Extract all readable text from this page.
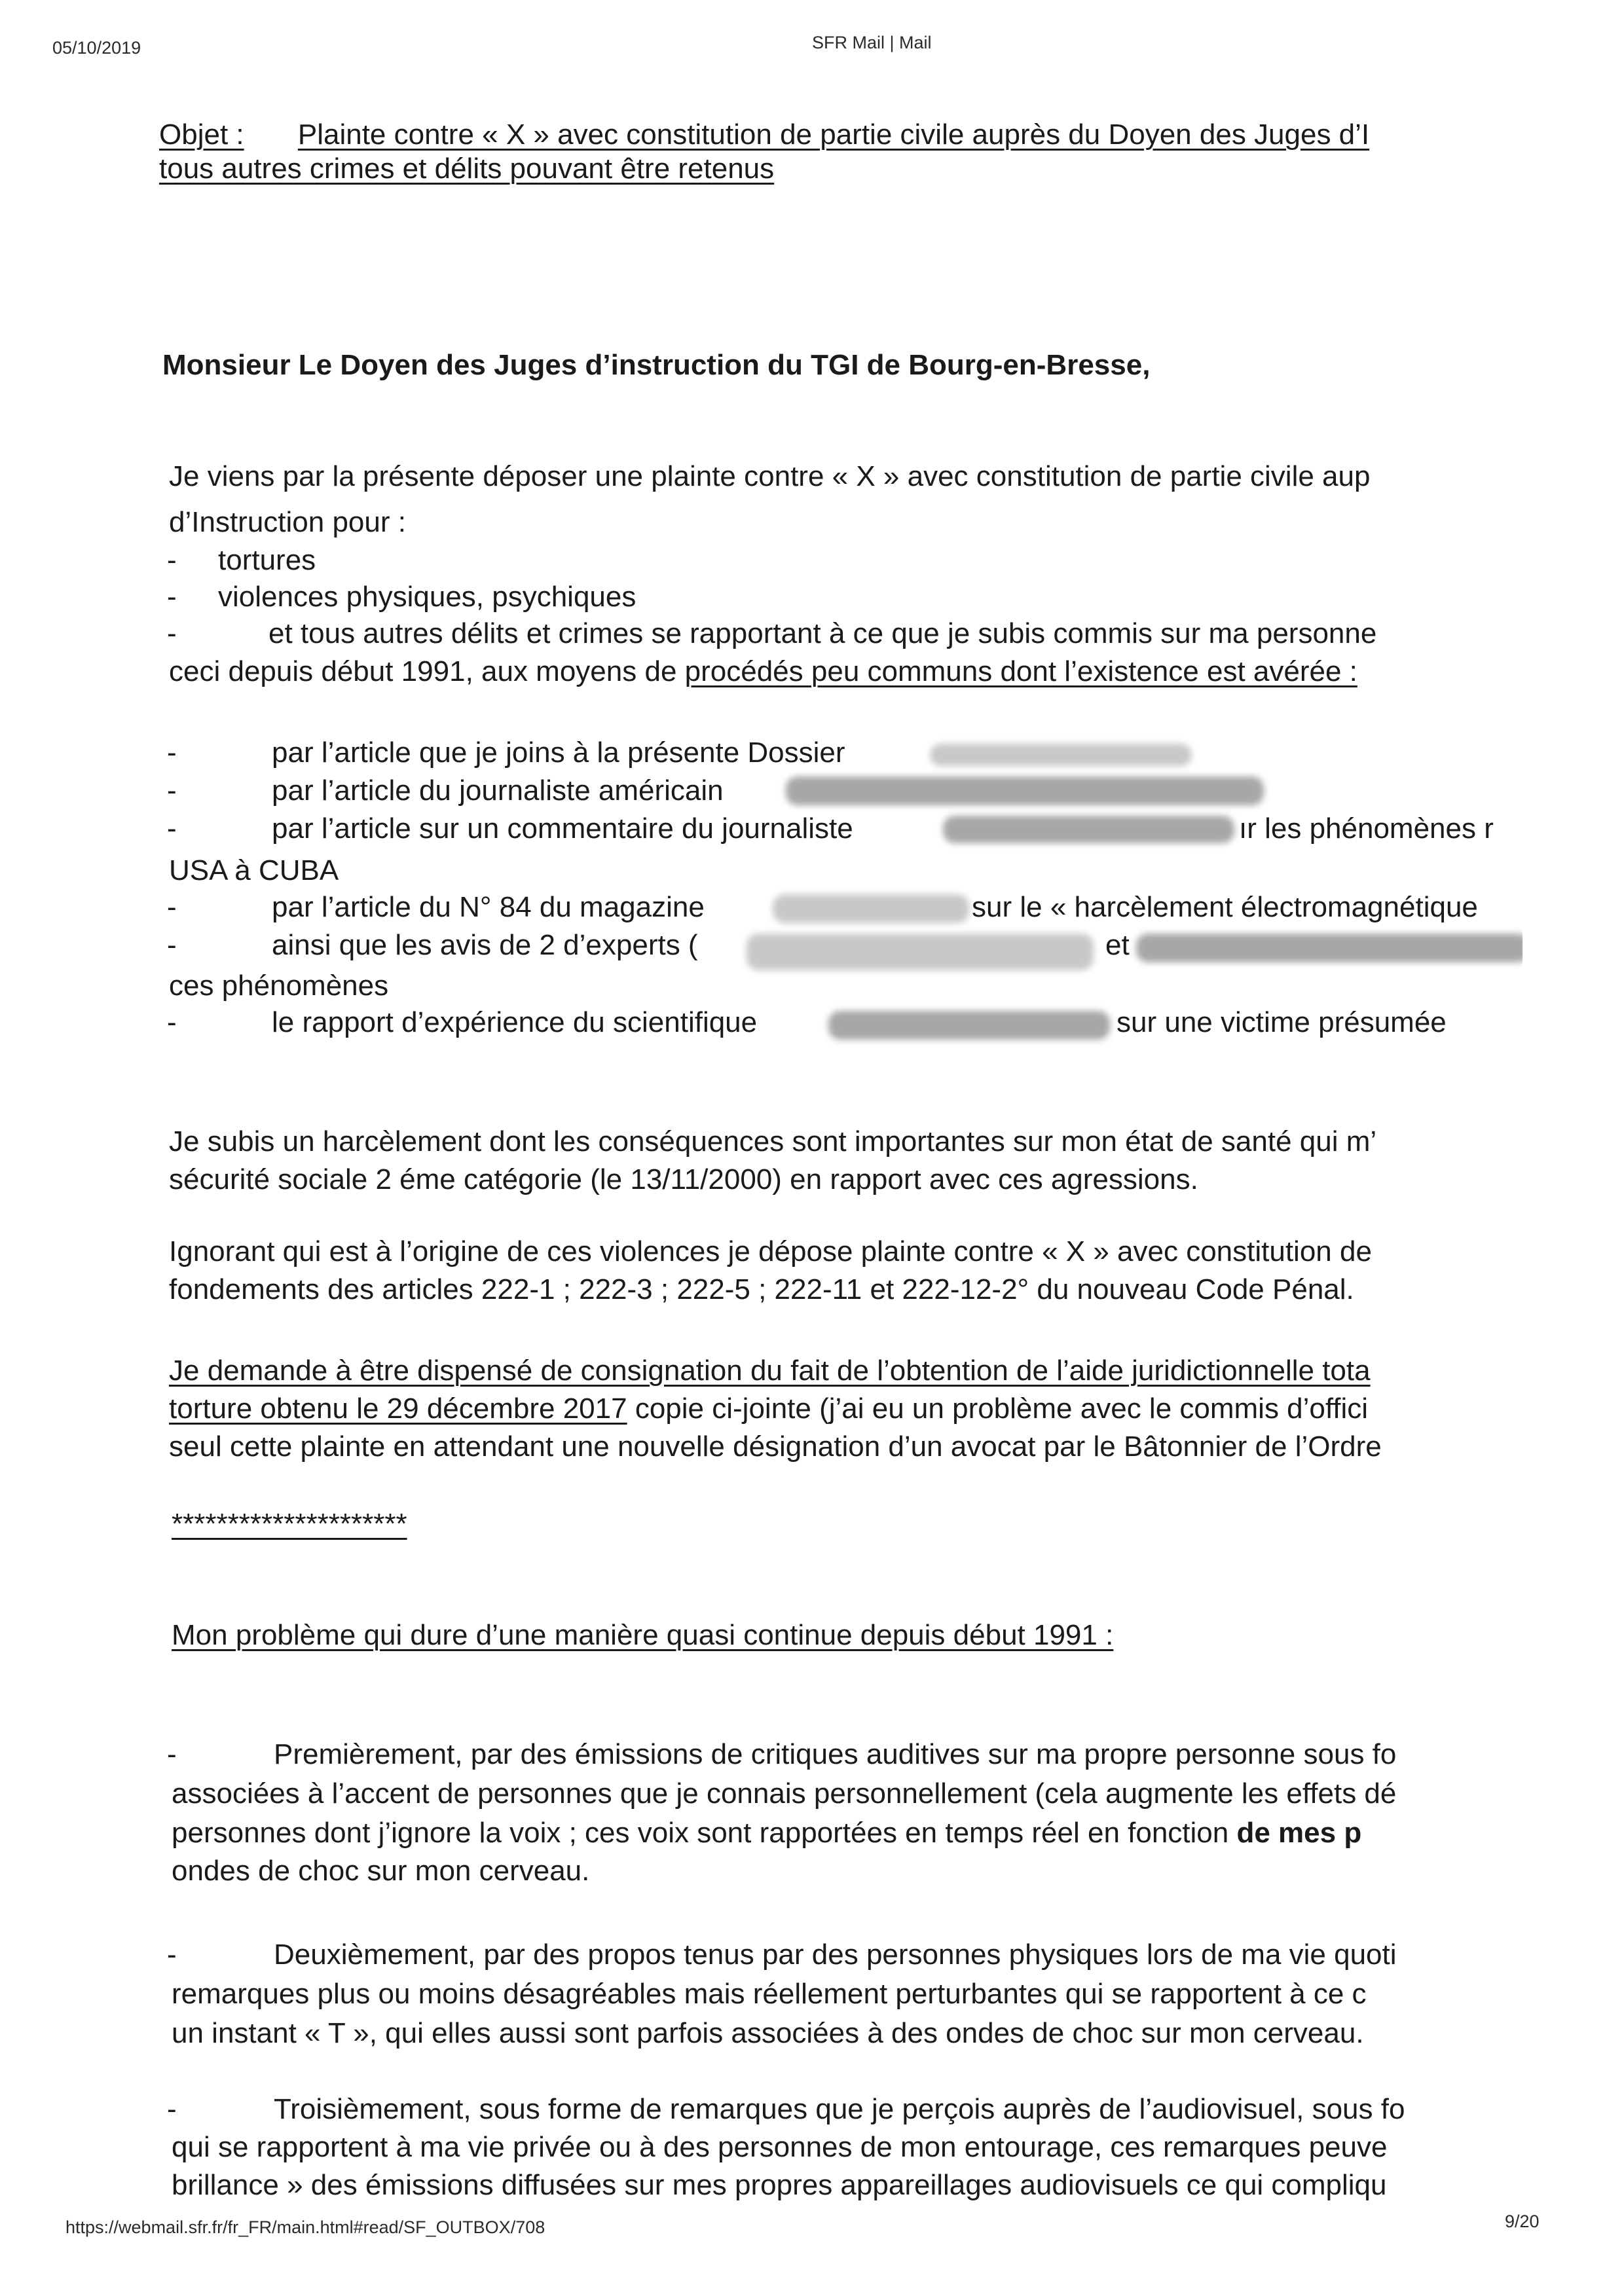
05/10/2019	SFR Mail | Mail
Objet : Plainte contre « X » avec constitution de partie civile auprès du Doyen des Juges d’I
tous autres crimes et délits pouvant être retenus
Monsieur Le Doyen des Juges d’instruction du TGI de Bourg-en-Bresse,
Je viens par la présente déposer une plainte contre « X » avec constitution de partie civile aup
d’Instruction pour :
- tortures
- violences physiques, psychiques
-	et tous autres délits et crimes se rapportant à ce que je subis commis sur ma personne
ceci depuis début 1991, aux moyens de procédés peu communs dont l’existence est avérée :
-	par l’article que je joins à la présente Dossier
-	par l’article du journaliste américain
-	par l’article sur un commentaire du journaliste	ır les phénomènes r
USA à CUBA
-	par l’article du N° 84 du magazine	sur le « harcèlement électromagnétique
-	ainsi que les avis de 2 d’experts (	et
ces phénomènes
-	le rapport d’expérience du scientifique	sur une victime présumée
Je subis un harcèlement dont les conséquences sont importantes sur mon état de santé qui m’
sécurité sociale 2 éme catégorie (le 13/11/2000) en rapport avec ces agressions.
Ignorant qui est à l’origine de ces violences je dépose plainte contre « X » avec constitution de
fondements des articles 222-1 ; 222-3 ; 222-5 ; 222-11 et 222-12-2° du nouveau Code Pénal.
Je demande à être dispensé de consignation du fait de l’obtention de l’aide juridictionnelle tota
torture obtenu le 29 décembre 2017 copie ci-jointe (j’ai eu un problème avec le commis d’offici
seul cette plainte en attendant une nouvelle désignation d’un avocat par le Bâtonnier de l’Ordre
*********************
Mon problème qui dure d’une manière quasi continue depuis début 1991 :
-	Premièrement, par des émissions de critiques auditives sur ma propre personne sous fo
associées à l’accent de personnes que je connais personnellement (cela augmente les effets dé
personnes dont j’ignore la voix ; ces voix sont rapportées en temps réel en fonction de mes p
ondes de choc sur mon cerveau.
-	Deuxièmement, par des propos tenus par des personnes physiques lors de ma vie quoti
remarques plus ou moins désagréables mais réellement perturbantes qui se rapportent à ce c
un instant « T », qui elles aussi sont parfois associées à des ondes de choc sur mon cerveau.
-	Troisièmement, sous forme de remarques que je perçois auprès de l’audiovisuel, sous fo
qui se rapportent à ma vie privée ou à des personnes de mon entourage, ces remarques peuve
brillance » des émissions diffusées sur mes propres appareillages audiovisuels ce qui compliqu
https://webmail.sfr.fr/fr_FR/main.html#read/SF_OUTBOX/708	9/20
